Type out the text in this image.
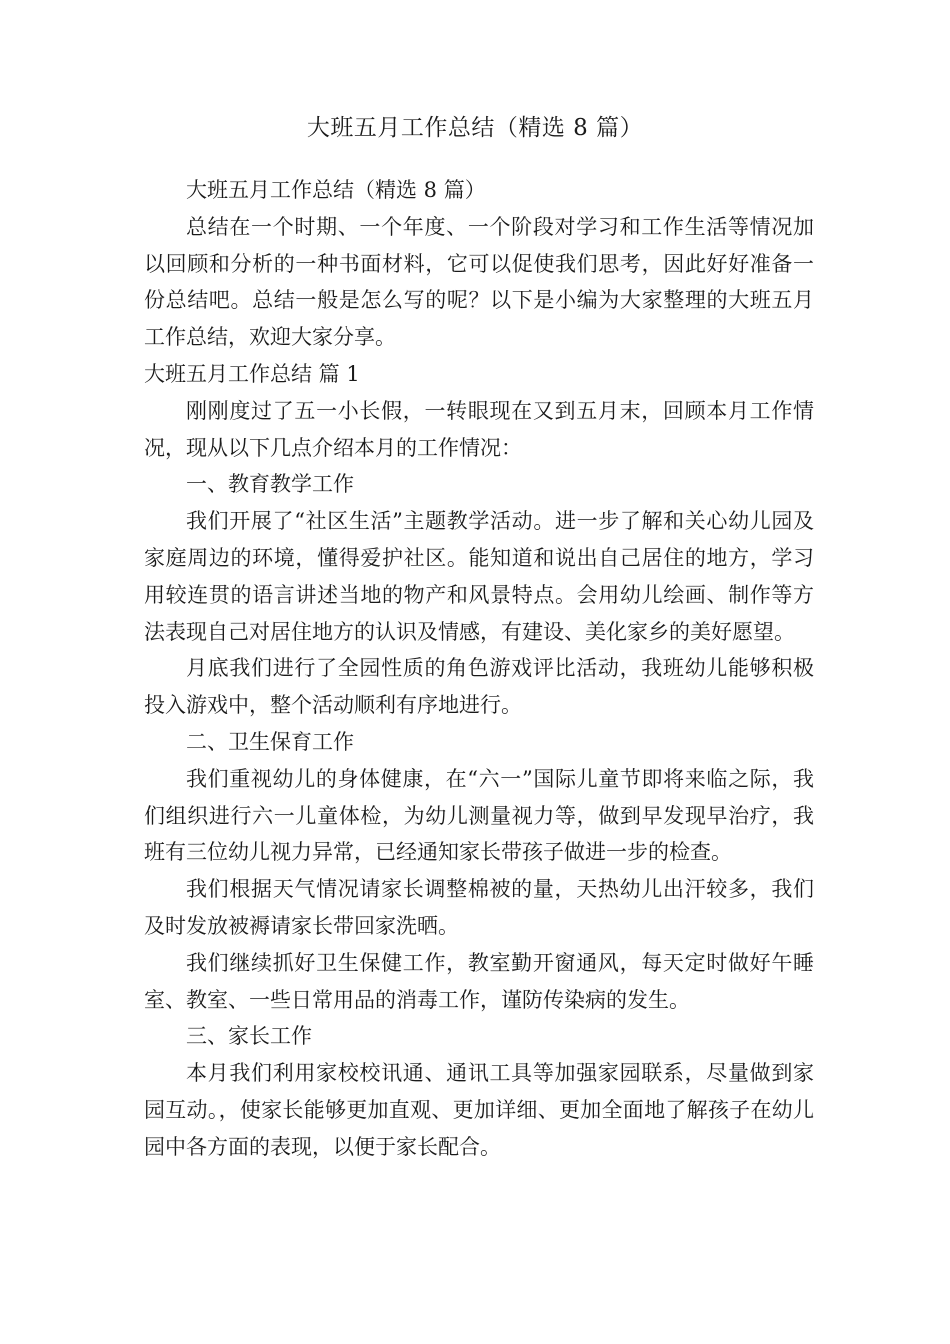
大班五月工作总结（精选 8 篇）

大班五月工作总结（精选 8 篇）

总结在一个时期、一个年度、一个阶段对学习和工作生活等情况加以回顾和分析的一种书面材料，它可以促使我们思考，因此好好准备一份总结吧。总结一般是怎么写的呢？以下是小编为大家整理的大班五月工作总结，欢迎大家分享。

大班五月工作总结 篇 1

刚刚度过了五一小长假，一转眼现在又到五月末，回顾本月工作情况，现从以下几点介绍本月的工作情况：

一、教育教学工作

我们开展了“社区生活”主题教学活动。进一步了解和关心幼儿园及家庭周边的环境，懂得爱护社区。能知道和说出自己居住的地方，学习用较连贯的语言讲述当地的物产和风景特点。会用幼儿绘画、制作等方法表现自己对居住地方的认识及情感，有建设、美化家乡的美好愿望。

月底我们进行了全园性质的角色游戏评比活动，我班幼儿能够积极投入游戏中，整个活动顺利有序地进行。

二、卫生保育工作

我们重视幼儿的身体健康，在“六一”国际儿童节即将来临之际，我们组织进行六一儿童体检，为幼儿测量视力等，做到早发现早治疗，我班有三位幼儿视力异常，已经通知家长带孩子做进一步的检查。

我们根据天气情况请家长调整棉被的量，天热幼儿出汗较多，我们及时发放被褥请家长带回家洗晒。

我们继续抓好卫生保健工作，教室勤开窗通风，每天定时做好午睡室、教室、一些日常用品的消毒工作，谨防传染病的发生。

三、家长工作

本月我们利用家校校讯通、通讯工具等加强家园联系，尽量做到家园互动。，使家长能够更加直观、更加详细、更加全面地了解孩子在幼儿园中各方面的表现，以便于家长配合。
